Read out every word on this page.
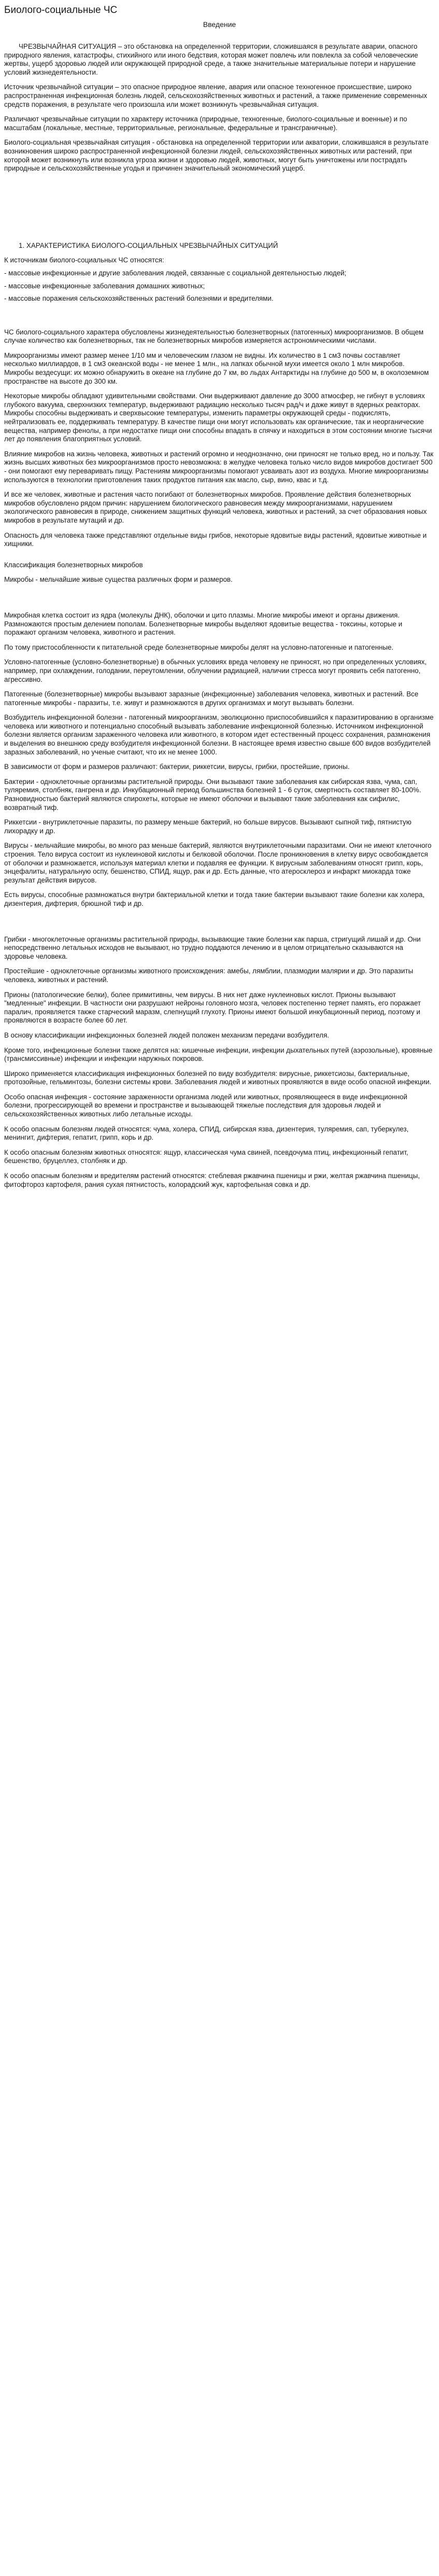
Биолого-социальные ЧС
Введение

ЧРЕЗВЫЧАЙНАЯ СИТУАЦИЯ – это обстановка на определенной территории, сложившаяся в результате аварии, опасного природного явления, катастрофы, стихийного или иного бедствия, которая может повлечь или повлекла за собой человеческие жертвы, ущерб здоровью людей или окружающей природной среде, а также значительные материальные потери и нарушение условий жизнедеятельности.

Источник чрезвычайной ситуации – это опасное природное явление, авария или опасное техногенное происшествие, широко распространенная инфекционная болезнь людей, сельскохозяйственных животных и растений, а также применение современных средств поражения, в результате чего произошла или может возникнуть чрезвычайная ситуация.

Различают чрезвычайные ситуации по характеру источника (природные, техногенные, биолого-социальные и военные) и по масштабам (локальные, местные, территориальные, региональные, федеральные и трансграничные).

Биолого-социальная чрезвычайная ситуация - обстановка на определенной территории или акватории, сложившаяся в результате возникновения широко распространенной инфекционной болезни людей, сельскохозяйственных животных или растений, при которой может возникнуть или возникла угроза жизни и здоровью людей, животных, могут быть уничтожены или пострадать природные и сельскохозяйственные угодья и причинен значительный экономический ущерб.

1. ХАРАКТЕРИСТИКА БИОЛОГО-СОЦИАЛЬНЫХ ЧРЕЗВЫЧАЙНЫХ СИТУАЦИЙ
К источникам биолого-социальных ЧС относятся:
- массовые инфекционные и другие заболевания людей, связанные с социальной деятельностью людей;
- массовые инфекционные заболевания домашних животных;
- массовые поражения сельскохозяйственных растений болезнями и вредителями.

ЧС биолого-социального характера обусловлены жизнедеятельностью болезнетворных (патогенных) микроорганизмов. В общем случае количество как болезнетворных, так не болезнетворных микробов измеряется астрономическими числами.

Микроорганизмы имеют размер менее 1/10 мм и человеческим глазом не видны. Их количество в 1 см3 почвы составляет несколько миллиардов, в 1 см3 океанской воды - не менее 1 млн., на лапках обычной мухи имеется около 1 млн микробов. Микробы вездесущи: их можно обнаружить в океане на глубине до 7 км, во льдах Антарктиды на глубине до 500 м, в околоземном пространстве на высоте до 300 км.

Некоторые микробы обладают удивительными свойствами. Они выдерживают давление до 3000 атмосфер, не гибнут в условиях глубокого вакуума, сверхнизких температур, выдерживают радиацию несколько тысяч рад/ч и даже живут в ядерных реакторах. Микробы способны выдерживать и сверхвысокие температуры, изменить параметры окружающей среды - подкислять, нейтрализовать ее, поддерживать температуру. В качестве пищи они могут использовать как органические, так и неорганические вещества, например фенолы, а при недостатке пищи они способны впадать в спячку и находиться в этом состоянии многие тысячи лет до появления благоприятных условий.

Влияние микробов на жизнь человека, животных и растений огромно и неоднозначно, они приносят не только вред, но и пользу. Так жизнь высших животных без микроорганизмов просто невозможна: в желудке человека только число видов микробов достигает 500 - они помогают ему переваривать пищу. Растениям микроорганизмы помогают усваивать азот из воздуха. Многие микроорганизмы используются в технологии приготовления таких продуктов питания как масло, сыр, вино, квас и т.д.

И все же человек, животные и растения часто погибают от болезнетворных микробов. Проявление действия болезнетворных микробов обусловлено рядом причин: нарушением биологического равновесия между микроорганизмами, нарушением экологического равновесия в природе, снижением защитных функций человека, животных и растений, за счет образования новых микробов в результате мутаций и др.

Опасность для человека также представляют отдельные виды грибов, некоторые ядовитые виды растений, ядовитые животные и хищники.

Классификация болезнетворных микробов

Микробы - мельчайшие живые существа различных форм и размеров.

Микробная клетка состоит из ядра (молекулы ДНК), оболочки и цито плазмы. Многие микробы имеют и органы движения. Размножаются простым делением пополам. Болезнетворные микробы выделяют ядовитые вещества - токсины, которые и поражают организм человека, животного и растения.

По тому пристособленности к питательной среде болезнетворные микробы делят на условно-патогенные и патогенные.

Условно-патогенные (условно-болезнетворные) в обычных условиях вреда человеку не приносят, но при определенных условиях, например, при охлаждении, голодании, переутомлении, облучении радиацией, наличии стресса могут проявить себя патогенно, агрессивно.

Патогенные (болезнетворные) микробы вызывают заразные (инфекционные) заболевания человека, животных и растений. Все патогенные микробы - паразиты, т.е. живут и размножаются в других организмах и могут вызывать болезни.

Возбудитель инфекционной болезни - патогенный микроорганизм, эволюционно приспособившийся к паразитированию в организме человека или животного и потенциально способный вызывать заболевание инфекционной болезнью. Источником инфекционной болезни является организм зараженного человека или животного, в котором идет естественный процесс сохранения, размножения и выделения во внешнюю среду возбудителя инфекционной болезни. В настоящее время известно свыше 600 видов возбудителей заразных заболеваний, но ученые считают, что их не менее 1000.

В зависимости от форм и размеров различают: бактерии, риккетсии, вирусы, грибки, простейшие, прионы.

Бактерии - одноклеточные организмы растительной природы. Они вызывают такие заболевания как сибирская язва, чума, сап, туляремия, столбняк, гангрена и др. Инкубационный период большинства болезней 1 - 6 суток, смертность составляет 80-100%. Разновидностью бактерий являются спирохеты, которые не имеют оболочки и вызывают такие заболевания как сифилис, возвратный тиф.

Риккетсии - внутриклеточные паразиты, по размеру меньше бактерий, но больше вирусов. Вызывают сыпной тиф, пятнистую лихорадку и др.

Вирусы - мельчайшие микробы, во много раз меньше бактерий, являются внутриклеточными паразитами. Они не имеют клеточного строения. Тело вируса состоит из нуклеиновой кислоты и белковой оболочки. После проникновения в клетку вирус освобождается от оболочки и размножается, используя материал клетки и подавляя ее функции. К вирусным заболеваниям относят грипп, корь, энцефалиты, натуральную оспу, бешенство, СПИД, ящур, рак и др. Есть данные, что атеросклероз и инфаркт миокарда тоже результат действия вирусов.

Есть вирусы, способные размножаться внутри бактериальной клетки и тогда такие бактерии вызывают такие болезни как холера, дизентерия, дифтерия, брюшной тиф и др.

Грибки - многоклеточные организмы растительной природы, вызывающие такие болезни как парша, стригущий лишай и др. Они непосредственно летальных исходов не вызывают, но трудно поддаются лечению и в целом отрицательно сказываются на здоровье человека.

Простейшие - одноклеточные организмы животного происхождения: амебы, лямблии, плазмодии малярии и др. Это паразиты человека, животных и растений.

Прионы (патологические белки), более примитивны, чем вирусы. В них нет даже нуклеиновых кислот. Прионы вызывают "медленные" инфекции. В частности они разрушают нейроны головного мозга, человек постепенно теряет память, его поражает паралич, проявляется также старческий маразм, слепнущий глухоту. Прионы имеют большой инкубационный период, поэтому и проявляются в возрасте более 60 лет.

В основу классификации инфекционных болезней людей положен механизм передачи возбудителя.

Кроме того, инфекционные болезни также делятся на: кишечные инфекции, инфекции дыхательных путей (аэрозольные), кровяные (трансмиссивные) инфекции и инфекции наружных покровов.

Широко применяется классификация инфекционных болезней по виду возбудителя: вирусные, риккетсиозы, бактериальные, протозойные, гельминтозы, болезни системы крови. Заболевания людей и животных проявляются в виде особо опасной инфекции.

Особо опасная инфекция - состояние зараженности организма людей или животных, проявляющееся в виде инфекционной болезни, прогрессирующей во времени и пространстве и вызывающей тяжелые последствия для здоровья людей и сельскохозяйственных животных либо летальные исходы.

К особо опасным болезням людей относятся: чума, холера, СПИД, сибирская язва, дизентерия, туляремия, сап, туберкулез, менингит, дифтерия, гепатит, грипп, корь и др.

К особо опасным болезням животных относятся: ящур, классическая чума свиней, псевдочума птиц, инфекционный гепатит, бешенство, бруцеллез, столбняк и др.

К особо опасным болезням и вредителям растений относятся: стеблевая ржавчина пшеницы и ржи, желтая ржавчина пшеницы, фитофтороз картофеля, рания сухая пятнистость, колорадский жук, картофельная совка и др.
